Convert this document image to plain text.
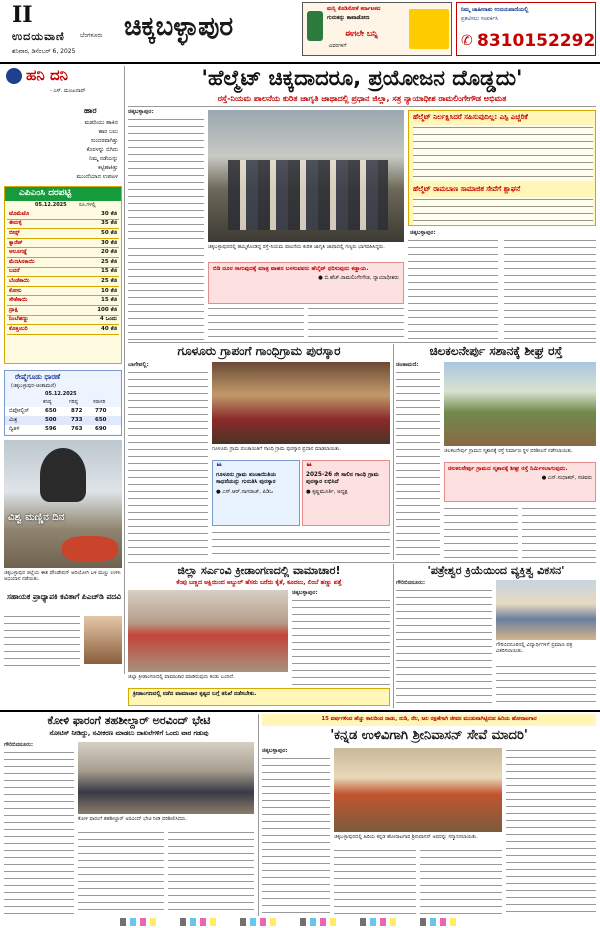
II
ಉದಯವಾಣಿ	ಬೆಂಗಳೂರು
ಶನಿವಾರ, ಡಿಸೆಂಬರ್ 6, 2025
ಚಿಕ್ಕಬಳ್ಳಾಪುರ
ಮನ್ನಿ ಕೊಡಿಸೋಕೆ ಕರ್ನಾಟಕದ
ಗುರುತನ್ನು ಕಾಪಾಡೋಣ
ಈಗಲೇ ಬನ್ನಿ
ವಿವರಗಳಿಗೆ
ನಿಮ್ಮ ಜಾಹೀರಾತು ಉದಯವಾಣಿಯಲ್ಲಿ
ಪ್ರಕಟಿಸಲು ಸಂಪರ್ಕಿಸಿ
✆ 8310152292
ಹನಿ ದನಿ
- ಎಸ್. ಮಂಜುನಾಥ್
ಹಾರ
ಮಡದಿಯು ಹಾಕಿದ
ಹಾರ ಬಲು
ಸುಂದರವಾಗಿತ್ತು
ಕೊರಳನ್ನು ಬಿಗಿದು
ನಿಮ್ಮ ನಡೆಯನ್ನು
ಕಟ್ಟಿಹಾಕಿತ್ತು
ಮುಂದೆಯಾದ ಉಪಟಳ
ಎಪಿಎಂಸಿ ದರಪಟ್ಟಿ
05.12.2025 ರೂ.ಗಳಲ್ಲಿ
ಟೊಮೆಟೊ	30 ಕೆಜಿ
ಈರುಳ್ಳಿ	35 ಕೆಜಿ
ಬೀನ್ಸ್	50 ಕೆಜಿ
ಕ್ಯಾರೆಟ್	30 ಕೆಜಿ
ಆಲೂಗಡ್ಡೆ	20 ಕೆಜಿ
ಮೆಣಸಿನಕಾಯಿ	25 ಕೆಜಿ
ಬದನೆ	15 ಕೆಜಿ
ಬೆಂಡೆಕಾಯಿ	25 ಕೆಜಿ
ಕೋಸು	10 ಕೆಜಿ
ಸೌತೆಕಾಯಿ	15 ಕೆಜಿ
ದ್ರಾಕ್ಷಿ	100 ಕೆಜಿ
ನಿಂಬೆಹಣ್ಣು	4 ಒಂದು
ಕೊತ್ತಂಬರಿ	40 ಕೆಜಿ
ರೇಷ್ಮೆಗೂಡು ಧಾರಣೆ
(ಚಿಕ್ಕಬಳ್ಳಾಪುರ-ಚಿಂತಾಮಣಿ)
05.12.2025
ಕನಿಷ್ಠ	ಗರಿಷ್ಠ	ಸರಾಸರಿ
ಬಿವೋಲ್ಟಿನ್	650	872 770
ಮಿಶ್ರ	500	733 650
ದ್ವಿತಳಿ	596	763 690
ವಿಶ್ವ ಮಣ್ಣಿನ ದಿನ
ಚಿಕ್ಕಬಳ್ಳಾಪುರ ಜಿಲ್ಲೆಯ ಈಶ ಫೌಂಡೇಷನ್ ಆದಿಯೋಗಿ ಬಳಿ ಮಣ್ಣು ಉಳಿಸಿ ಅಭಿಯಾನ ನಡೆಯಿತು.
ಸಹಾಯಕ ಪ್ರಾಧ್ಯಾಪಕಿ ಕವಿತಾಗೆ ಪಿಎಚ್‌ಡಿ ಪದವಿ
'ಹೆಲ್ಮೆಟ್ ಚಿಕ್ಕದಾದರೂ, ಪ್ರಯೋಜನ ದೊಡ್ಡದು'
ರಸ್ತೆ-ನಿಯಮ ಪಾಲನೆಯ ಕುರಿತ ಜಾಗೃತಿ ಜಾಥಾದಲ್ಲಿ ಪ್ರಧಾನ ಜಿಲ್ಲಾ, ಸತ್ರ ನ್ಯಾಯಾಧೀಶ ರಾಮಲಿಂಗೇಗೌಡ ಅಭಿಮತ
ಚಿಕ್ಕಬಳ್ಳಾಪುರ:
ಚಿಕ್ಕಬಳ್ಳಾಪುರದಲ್ಲಿ ಹಮ್ಮಿಕೊಂಡಿದ್ದ ರಸ್ತೆ-ನಿಯಮ ಪಾಲನೆಯ ಕುರಿತ ಜಾಗೃತಿ ಜಾಥಾದಲ್ಲಿ ಗಣ್ಯರು ಭಾಗವಹಿಸಿದ್ದರು.
ಬಿಡಿ ದೂರ ಸಾಗುವುದಕ್ಕೆ ಮಾತ್ರ ವಾಹನ ಬಳಸುವವರು ಹೆಲ್ಮೆಟ್ ಧರಿಸುವುದು ಕಡ್ಡಾಯ.
● ಬಿ.ಹೆಚ್.ರಾಮಲಿಂಗೇಗೌಡ, ನ್ಯಾಯಾಧೀಶರು
ಹೆಲ್ಮೆಟ್ ನಿರ್ಲಕ್ಷಿಸಿದರೆ ಸಹಿಸುವುದಿಲ್ಲ: ಎಸ್ಪಿ ಎಚ್ಚರಿಕೆ
ಹೆಲ್ಮೆಟ್ ರಾಮಬಾಣ ಸಾಮಾಜಿಕ ಸೇವೆಗೆ ಶ್ಲಾಘನೆ
ಚಿಕ್ಕಬಳ್ಳಾಪುರ:
ಗೂಳೂರು ಗ್ರಾಪಂಗೆ ಗಾಂಧಿಗ್ರಾಮ ಪುರಸ್ಕಾರ
ಬಾಗೇಪಲ್ಲಿ:
ಗೂಳೂರು ಗ್ರಾಮ ಪಂಚಾಯಿತಿಗೆ ಗಾಂಧಿ ಗ್ರಾಮ ಪುರಸ್ಕಾರ ಪ್ರದಾನ ಮಾಡಲಾಯಿತು.
❝
ಗೂಳೂರು ಗ್ರಾಮ ಪಂಚಾಯಿತಿಯ ಸಾಧನೆಯನ್ನು ಗುರುತಿಸಿ ಪುರಸ್ಕಾರ
● ಎಸ್.ಆರ್.ನಾಗರಾಜ್, ಪಿಡಿಒ
❝
2025-26 ನೇ ಸಾಲಿನ ಗಾಂಧಿ ಗ್ರಾಮ ಪುರಸ್ಕಾರ ಲಭಿಸಿದೆ
● ಕೃಷ್ಣಮೂರ್ತಿ, ಅಧ್ಯಕ್ಷ
ಚಿಲಕಲನೇರ್ಪು ಸಶಾನಕ್ಕೆ ಶೀಘ್ರ ರಸ್ತೆ
ಚಿಂತಾಮಣಿ:
ಚಿಲಕಲನೇರ್ಪು ಗ್ರಾಮದ ಸ್ಮಶಾನಕ್ಕೆ ರಸ್ತೆ ನಿರ್ಮಾಣ ಸ್ಥಳ ಪರಿಶೀಲನೆ ನಡೆಸಲಾಯಿತು.
ಚಿಲಕಲನೇರ್ಪು ಗ್ರಾಮದ ಸ್ಮಶಾನಕ್ಕೆ ಶೀಘ್ರ ರಸ್ತೆ ನಿರ್ಮಿಸಲಾಗುವುದು.
● ಎನ್.ಸುಧಾಕರ್, ಸಚಿವರು
ಜಿಲ್ಲಾ ಸರ್ಎಂವಿ ಕ್ರೀಡಾಂಗಣದಲ್ಲಿ ವಾಮಾಚಾರ!
ಕೆಂಪು ಬಣ್ಣದ ಅಕ್ಷಿಯಿಂದ ಅಬ್ದುಲ್ ಹೆಸರು ಬರೆದು ಕೈತೆ, ಕೂದಲು, ಲಿಂಬೆ ಹಣ್ಣು ಪತ್ತೆ
ಜಿಲ್ಲಾ ಕ್ರೀಡಾಂಗಣದಲ್ಲಿ ವಾಮಾಚಾರ ಮಾಡಿರುವುದು ಕಂಡು ಬಂದಿದೆ.
ಚಿಕ್ಕಬಳ್ಳಾಪುರ:
ಕ್ರೀಡಾಂಗಣದಲ್ಲಿ ನಡೆದ ವಾಮಾಚಾರ ಕೃತ್ಯದ ಬಗ್ಗೆ ತನಿಖೆ ನಡೆಸಬೇಕು.
'ಪತ್ರೇಶ್ವರ ಕ್ರಿಯೆಯಿಂದ ವ್ಯಕ್ತಿತ್ವ ವಿಕಸನ'
ಗೌರಿಬಿದನೂರು:
ಗೌರಿಬಿದನೂರಿನಲ್ಲಿ ವಿದ್ಯಾರ್ಥಿಗಳಿಗೆ ಪ್ರಮಾಣ ಪತ್ರ ವಿತರಿಸಲಾಯಿತು.
ಕೋಳಿ ಫಾರಂಗೆ ತಹಶೀಲ್ದಾರ್ ಅರವಿಂದ್ ಭೇಟಿ
ನೋಟಿಸ್ ನೀಡಿದ್ದು, ನವೀಕರಣ ಮಾಡಲು ದಾಖಲೆಗಳಿಗೆ ಒಂದು ವಾರ ಗಡುವು
ಗೌರಿಬಿದನೂರು:
ಕೋಳಿ ಫಾರಂಗೆ ತಹಶೀಲ್ದಾರ್ ಅರವಿಂದ್ ಭೇಟಿ ನೀಡಿ ಪರಿಶೀಲಿಸಿದರು.
15 ವರ್ಷಗಳಿಂದ ಹೆಚ್ಚು ಕಾಲದಿಂದ ನಾಡು, ನುಡಿ, ನೆಲ, ಜಲ ರಕ್ಷಣೆಗಾಗಿ ಜೀವನ ಮುಡುಪಾಗಿಟ್ಟಿರುವ ಹಿರಿಯ ಹೋರಾಟಗಾರ
'ಕನ್ನಡ ಉಳಿವಿಗಾಗಿ ಶ್ರೀನಿವಾಸನ್ ಸೇವೆ ಮಾದರಿ'
ಚಿಕ್ಕಬಳ್ಳಾಪುರ:
ಚಿಕ್ಕಬಳ್ಳಾಪುರದಲ್ಲಿ ಹಿರಿಯ ಕನ್ನಡ ಹೋರಾಟಗಾರ ಶ್ರೀನಿವಾಸನ್ ಅವರನ್ನು ಸನ್ಮಾನಿಸಲಾಯಿತು.
